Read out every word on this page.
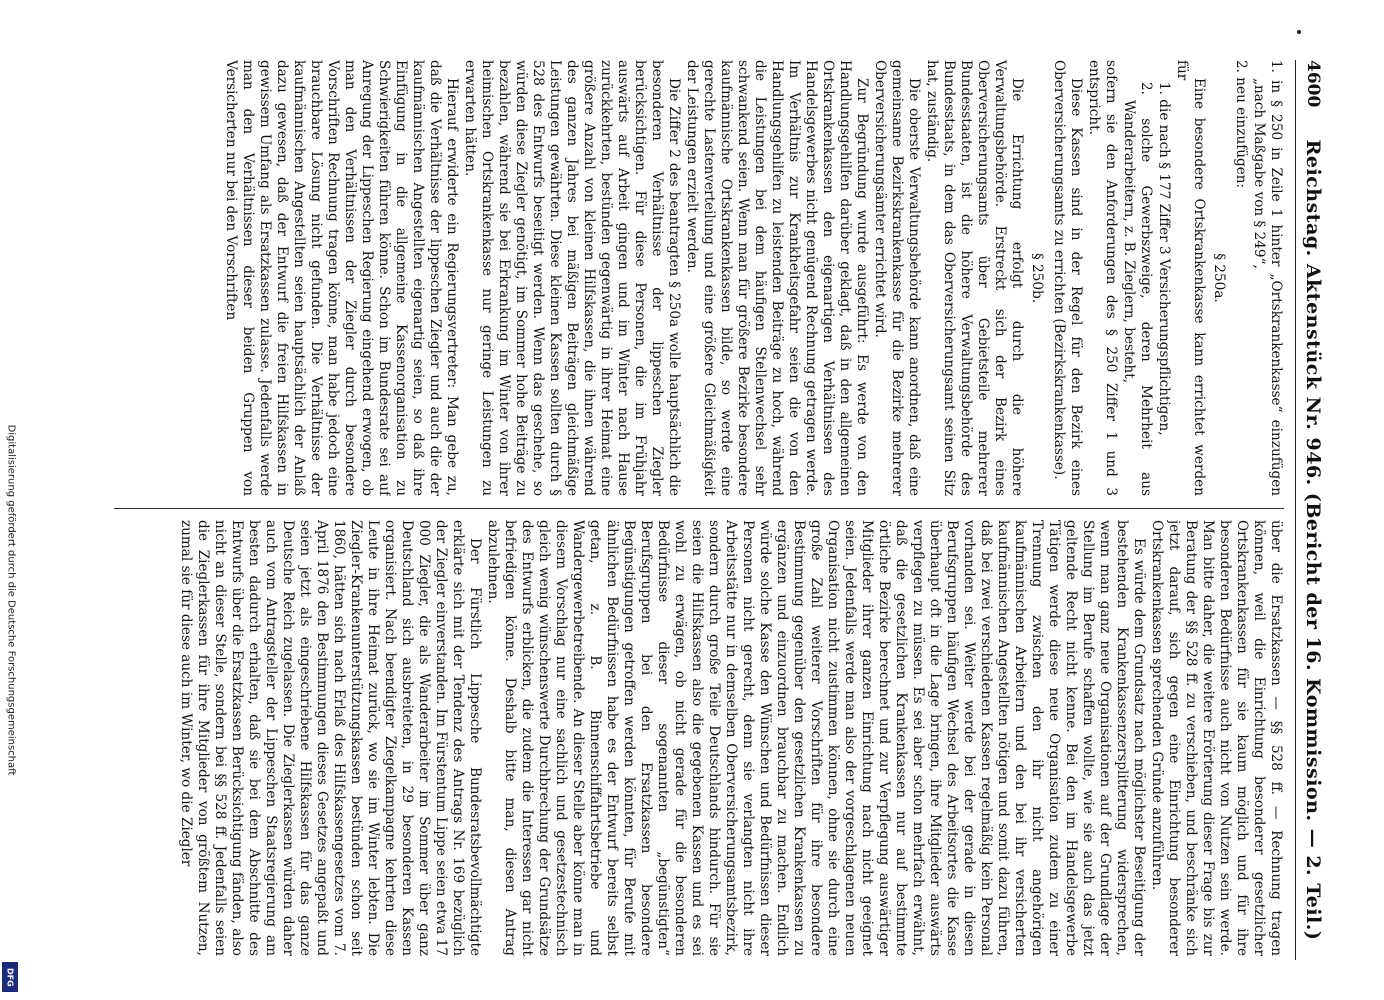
Digitalisierung gefördert durch die Deutsche Forschungsgemeinschaft
DFG
4600
Reichstag. Aktenstück Nr. 946. (Bericht der 16. Kommission. — 2. Teil.)

1. in § 250 in Zeile 1 hinter „Ortskrankenkasse“ einzufügen „nach Maßgabe von § 249“,

2. neu einzufügen:

§ 250a.

Eine besondere Ortskrankenkasse kann errichtet werden für

1. die nach § 177 Ziffer 3 Versicherungspflichtigen,

2. solche Gewerbszweige, deren Mehrheit aus Wanderarbeitern, z. B. Zieglern, besteht,

sofern sie den Anforderungen des § 250 Ziffer 1 und 3 entspricht.

Diese Kassen sind in der Regel für den Bezirk eines Oberversicherungsamts zu errichten (Bezirkskrankenkasse).

§ 250b.

Die Errichtung erfolgt durch die höhere Verwaltungsbehörde. Erstreckt sich der Bezirk eines Oberversicherungsamts über Gebietsteile mehrerer Bundesstaaten, ist die höhere Verwaltungsbehörde des Bundesstaats, in dem das Oberversicherungsamt seinen Sitz hat, zuständig.

Die oberste Verwaltungsbehörde kann anordnen, daß eine gemeinsame Bezirkskrankenkasse für die Bezirke mehrerer Oberversicherungsämter errichtet wird.

Zur Begründung wurde ausgeführt: Es werde von den Handlungsgehilfen darüber geklagt, daß in den allgemeinen Ortskrankenkassen den eigenartigen Verhältnissen des Handelsgewerbes nicht genügend Rechnung getragen werde. Im Verhältnis zur Krankheitsgefahr seien die von den Handlungsgehilfen zu leistenden Beiträge zu hoch, während die Leistungen bei dem häufigen Stellenwechsel sehr schwankend seien. Wenn man für größere Bezirke besondere kaufmännische Ortskrankenkassen bilde, so werde eine gerechte Lastenverteilung und eine größere Gleichmäßigkeit der Leistungen erzielt werden.

Die Ziffer 2 des beantragten § 250a wolle hauptsächlich die besonderen Verhältnisse der lippeschen Ziegler berücksichtigen. Für diese Personen, die im Frühjahr auswärts auf Arbeit gingen und im Winter nach Hause zurückkehrten, bestünden gegenwärtig in ihrer Heimat eine größere Anzahl von kleinen Hilfskassen, die ihnen während des ganzen Jahres bei mäßigen Beiträgen gleichmäßige Leistungen gewährten. Diese kleinen Kassen sollten durch § 528 des Entwurfs beseitigt werden. Wenn das geschehe, so würden diese Ziegler genötigt, im Sommer hohe Beiträge zu bezahlen, während sie bei Erkrankung im Winter von ihrer heimischen Ortskrankenkasse nur geringe Leistungen zu erwarten hätten.

Hierauf erwiderte ein Regierungsvertreter: Man gebe zu, daß die Verhältnisse der lippeschen Ziegler und auch die der kaufmännischen Angestellten eigenartig seien, so daß ihre Einfügung in die allgemeine Kassenorganisation zu Schwierigkeiten führen könne. Schon im Bundesrate sei auf Anregung der Lippeschen Regierung eingehend erwogen, ob man den Verhältnissen der Ziegler durch besondere Vorschriften Rechnung tragen könne, man habe jedoch eine brauchbare Lösung nicht gefunden. Die Verhältnisse der kaufmännischen Angestellten seien hauptsächlich der Anlaß dazu gewesen, daß der Entwurf die freien Hilfskassen in gewissem Umfang als Ersatzkassen zulasse. Jedenfalls werde man den Verhältnissen dieser beiden Gruppen von Versicherten nur bei den Vorschriften

über die Ersatzkassen — §§ 528 ff. — Rechnung tragen können, weil die Einrichtung besonderer gesetzlicher Ortskrankenkassen für sie kaum möglich und für ihre besonderen Bedürfnisse auch nicht von Nutzen sein werde. Man bitte daher, die weitere Erörterung dieser Frage bis zur Beratung der §§ 528 ff. zu verschieben, und beschränke sich jetzt darauf, sich gegen eine Einrichtung besonderer Ortskrankenkassen sprechenden Gründe anzuführen.

Es würde dem Grundsatz nach möglichster Beseitigung der bestehenden Krankenkassenzersplitterung widersprechen, wenn man ganz neue Organisationen auf der Grundlage der Stellung im Berufe schaffen wollte, wie sie auch das jetzt geltende Recht nicht kenne. Bei den im Handelsgewerbe Tätigen werde diese neue Organisation zudem zu einer Trennung zwischen den ihr nicht angehörigen kaufmännischen Arbeitern und den bei ihr versicherten kaufmännischen Angestellten nötigen und somit dazu führen, daß bei zwei verschiedenen Kassen regelmäßig kein Personal vorhanden sei. Weiter werde bei der gerade in diesen Berufsgruppen häufigen Wechsel des Arbeitsortes die Kasse überhaupt oft in die Lage bringen, ihre Mitglieder auswärts verpflegen zu müssen. Es sei aber schon mehrfach erwähnt, daß die gesetzlichen Krankenkassen nur auf bestimmte örtliche Bezirke berechnet und zur Verpflegung auswärtiger Mitglieder ihrer ganzen Einrichtung nach nicht geeignet seien. Jedenfalls werde man also der vorgeschlagenen neuen Organisation nicht zustimmen können, ohne sie durch eine große Zahl weiterer Vorschriften für ihre besondere Bestimmung gegenüber den gesetzlichen Krankenkassen zu ergänzen und einzuordnen brauchbar zu machen. Endlich würde solche Kasse den Wünschen und Bedürfnissen dieser Personen nicht gerecht, denn sie verlangten nicht ihre Arbeitsstätte nur in demselben Oberversicherungsamtsbezirk, sondern durch große Teile Deutschlands hindurch. Für sie seien die Hilfskassen also die gegebenen Kassen und es sei wohl zu erwägen, ob nicht gerade für die besonderen Bedürfnisse dieser sogenannten „begünstigten“ Berufsgruppen bei den Ersatzkassen besondere Begünstigungen getroffen werden könnten, für Berufe mit ähnlichen Bedürfnissen habe es der Entwurf bereits selbst getan, z. B. Binnenschiffahrtsbetriebe und Wandergewerbetreibende. An dieser Stelle aber könne man in diesem Vorschlag nur eine sachlich und gesetzestechnisch gleich wenig wünschenswerte Durchbrechung der Grundsätze des Entwurfs erblicken, die zudem die Interessen gar nicht befriedigen könne. Deshalb bitte man, diesen Antrag abzulehnen.

Der Fürstlich Lippesche Bundesratsbevollmächtigte erklärte sich mit der Tendenz des Antrags Nr. 169 bezüglich der Ziegler einverstanden. Im Fürstentum Lippe seien etwa 17 000 Ziegler, die als Wanderarbeiter im Sommer über ganz Deutschland sich ausbreiteten, in 29 besonderen Kassen organisiert. Nach beendigter Ziegelkampagne kehrten diese Leute in ihre Heimat zurück, wo sie im Winter lebten. Die Ziegler-Krankenunterstützungskassen bestünden schon seit 1860, hätten sich nach Erlaß des Hilfskassengesetzes vom 7. April 1876 den Bestimmungen dieses Gesetzes angepaßt und seien jetzt als eingeschriebene Hilfskassen für das ganze Deutsche Reich zugelassen. Die Zieglerkassen würden daher auch vom Antragsteller der Lippeschen Staatsregierung am besten dadurch erhalten, daß sie bei dem Abschnitte des Entwurfs über die Ersatzkassen Berücksichtigung fänden, also nicht an dieser Stelle, sondern bei §§ 528 ff. Jedenfalls seien die Zieglerkassen für ihre Mitglieder von größtem Nutzen, zumal sie für diese auch im Winter, wo die Ziegler
